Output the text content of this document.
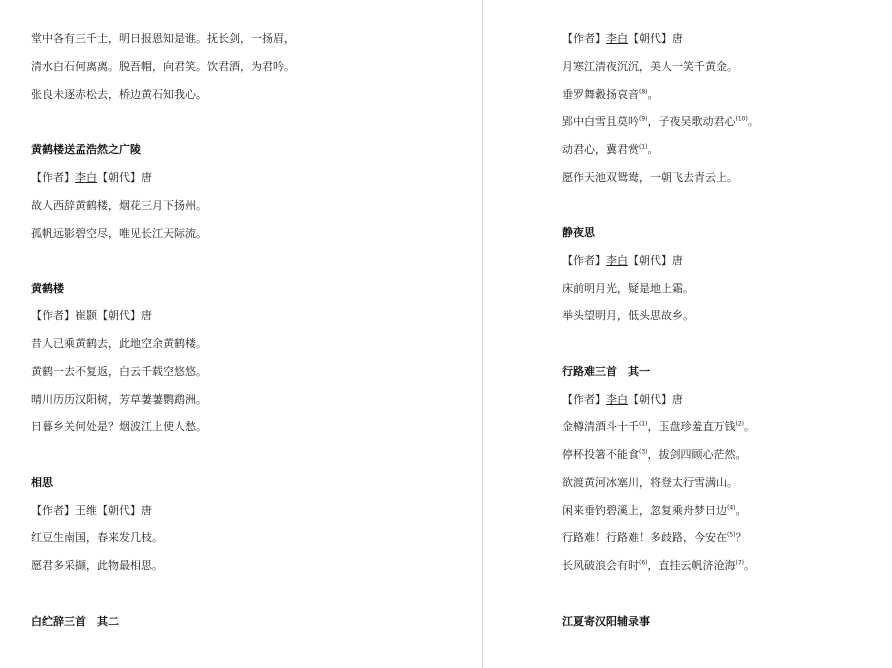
堂中各有三千士，明日报恩知是谁。抚长剑，一扬眉，
清水白石何离离。脱吾帽，向君笑。饮君酒，为君吟。
张良未逐赤松去，桥边黄石知我心。
黄鹤楼送孟浩然之广陵
【作者】李白【朝代】唐
故人西辞黄鹤楼，烟花三月下扬州。
孤帆远影碧空尽，唯见长江天际流。
黄鹤楼
【作者】崔颢【朝代】唐
昔人已乘黄鹤去，此地空余黄鹤楼。
黄鹤一去不复返，白云千载空悠悠。
晴川历历汉阳树，芳草萋萋鹦鹉洲。
日暮乡关何处是？烟波江上使人愁。
相思
【作者】王维【朝代】唐
红豆生南国，春来发几枝。
愿君多采撷，此物最相思。
白纻辞三首　其二
【作者】李白【朝代】唐
月寒江清夜沉沉，美人一笑千黄金。
垂罗舞縠扬哀音$^{(8)}$。
郢中白雪且莫吟$^{(9)}$，子夜吴歌动君心$^{(10)}$。
动君心，冀君赏$^{(1)}$。
愿作天池双鸳鸯，一朝飞去青云上。
静夜思
【作者】李白【朝代】唐
床前明月光，疑是地上霜。
举头望明月，低头思故乡。
行路难三首　其一
【作者】李白【朝代】唐
金樽清酒斗十千$^{(1)}$，玉盘珍羞直万钱$^{(2)}$。
停杯投箸不能食$^{(3)}$，拔剑四顾心茫然。
欲渡黄河冰塞川，将登太行雪满山。
闲来垂钓碧溪上，忽复乘舟梦日边$^{(4)}$。
行路难！行路难！多歧路，今安在$^{(5)}$？
长风破浪会有时$^{(6)}$，直挂云帆济沧海$^{(7)}$。
江夏寄汉阳辅录事
